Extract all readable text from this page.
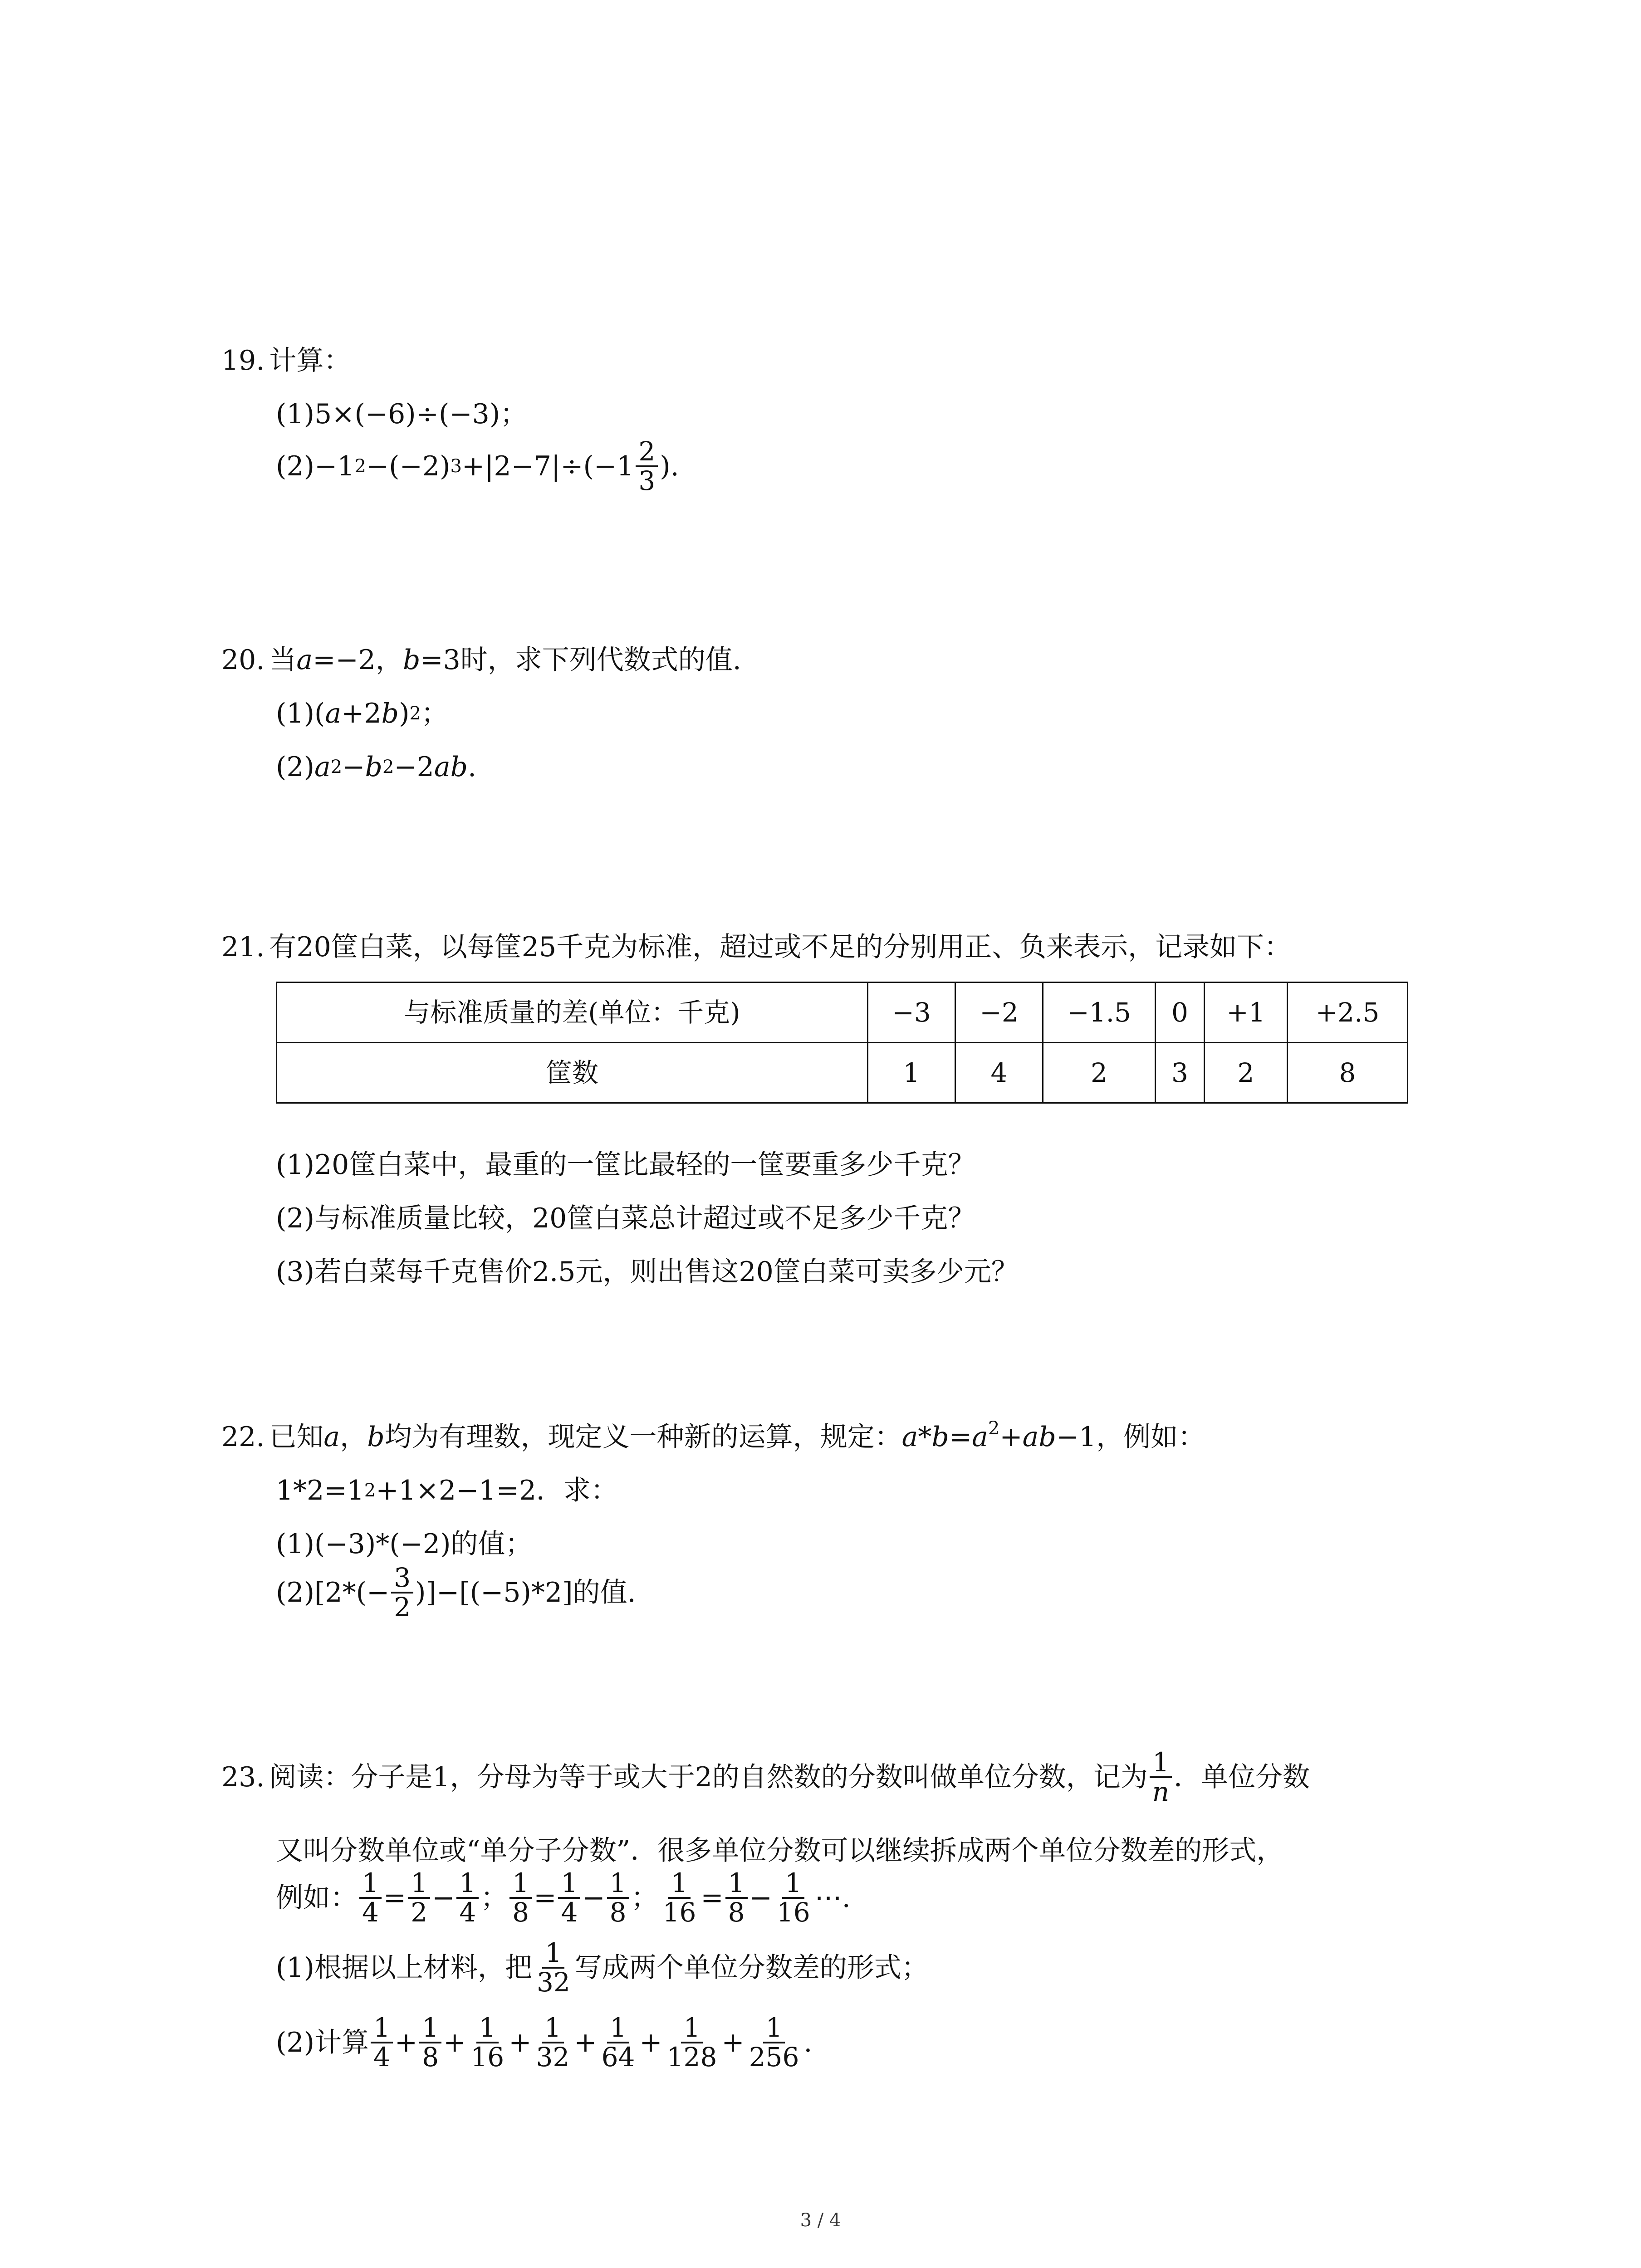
19. 计算：
(1)5×(−6)÷(−3)；
(2)−1 2 −(−2) $3 +|2-7|\div(-1 \frac{2}{3}$ ).
20. 当a=−2，b=3时，求下列代数式的值.
(1)( a +2 b ) 2 ；
(2) a 2 − b 2 −2 ab .
21. 有20筐白菜，以每筐25千克为标准，超过或不足的分别用正、负来表示，记录如下：
与标准质量的差(单位：千克)	−3	−2	−1.5	0	+1	+2.5
筐数	1	4	2	3	2	8
(1)20筐白菜中，最重的一筐比最轻的一筐要重多少千克？
(2)与标准质量比较，20筐白菜总计超过或不足多少千克？
(3)若白菜每千克售价2.5元，则出售这20筐白菜可卖多少元？
22. 已知a，b均为有理数，现定义一种新的运算，规定：$a*b=a^2+ab-1$，例如：
1*2=1 2 +1×2−1=2．求：
(1)(−3)*(−2)的值；
$(2)[2*(- \frac{3}{2} )]-[(-5)*2]$的值.
23. 阅读：分子是1，分母为等于或大于2的自然数的分数叫做单位分数，记为 $\frac{1}{n}$ ．单位分数
又叫分数单位或“单分子分数”．很多单位分数可以继续拆成两个单位分数差的形式，
例如： $\frac{1}{4} = \frac{1}{2} - \frac{1}{4}$ ； $\frac{1}{8} = \frac{1}{4} - \frac{1}{8}$ ； $\frac{1}{16} = \frac{1}{8} - \frac{1}{16}$ ⋯.
(1)根据以上材料，把 $\frac{1}{32}$ 写成两个单位分数差的形式；
(2)计算 $\frac{1}{4} + \frac{1}{8} + \frac{1}{16} + \frac{1}{32} + \frac{1}{64} + \frac{1}{128} + \frac{1}{256}$ .
3 / 4
